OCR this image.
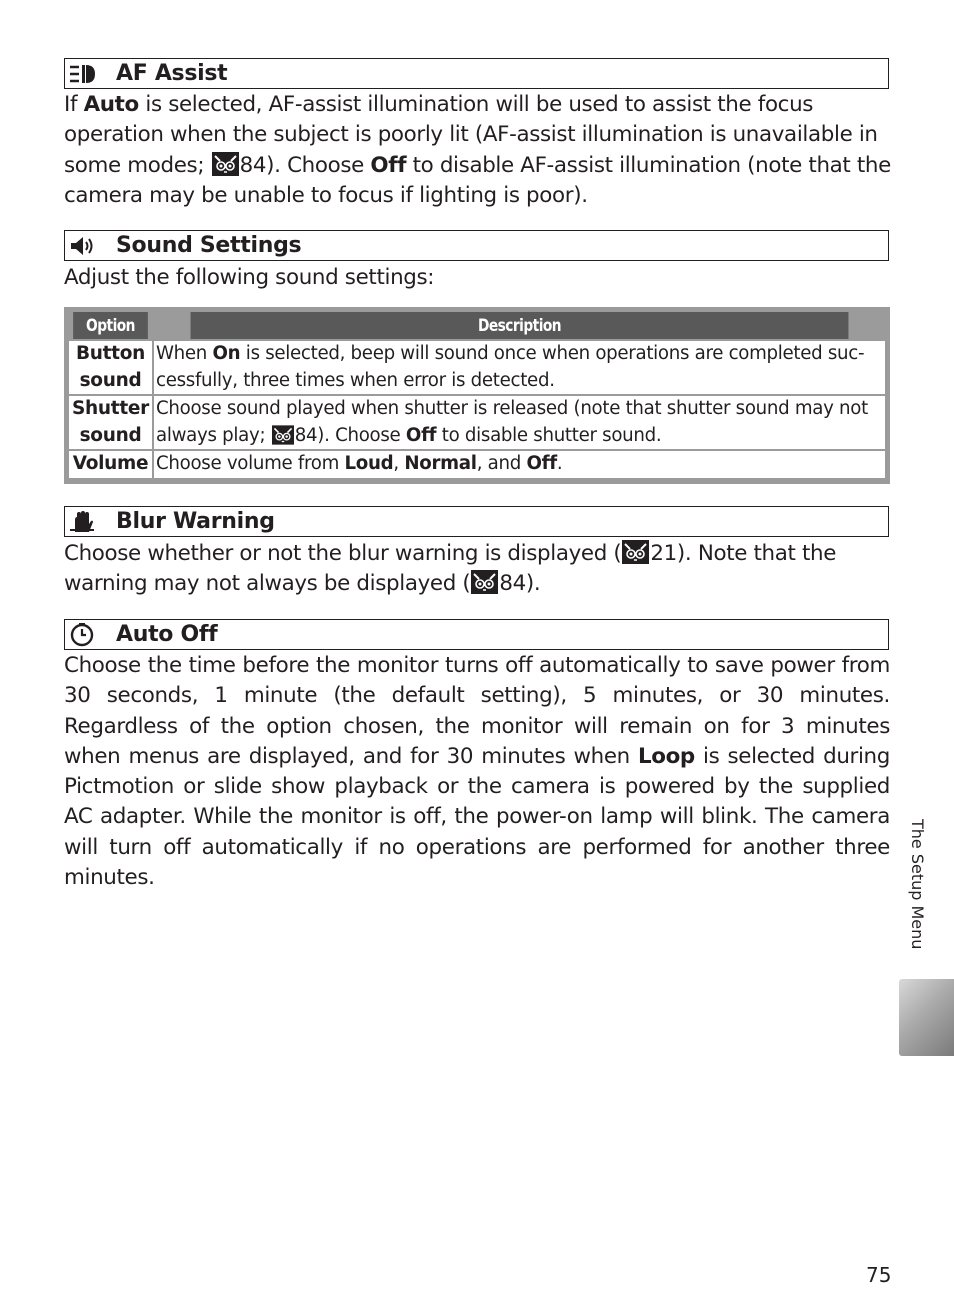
AF Assist

If Auto is selected, AF-assist illumination will be used to assist the focus operation when the subject is poorly lit (AF-assist illumination is unavailable in some modes; 84). Choose Off to disable AF-assist illumination (note that the camera may be unable to focus if lighting is poor).

Sound Settings

Adjust the following sound settings:

Option	Description
Button
sound	When On is selected, beep will sound once when operations are completed suc-cessfully, three times when error is detected.
Shutter
sound	Choose sound played when shutter is released (note that shutter sound may not always play; 84). Choose Off to disable shutter sound.
Volume	Choose volume from Loud, Normal, and Off.
Blur Warning

Choose whether or not the blur warning is displayed ( 21). Note that the warning may not always be displayed ( 84).

Auto Off

Choose the time before the monitor turns off automatically to save power from 30 seconds, 1 minute (the default setting), 5 minutes, or 30 minutes. Regardless of the option chosen, the monitor will remain on for 3 minutes when menus are displayed, and for 30 minutes when Loop is selected during Pictmotion or slide show playback or the camera is powered by the supplied AC adapter. While the monitor is off, the power-on lamp will blink. The camera will turn off automatically if no operations are performed for another three minutes.	The Setup Menu
75
